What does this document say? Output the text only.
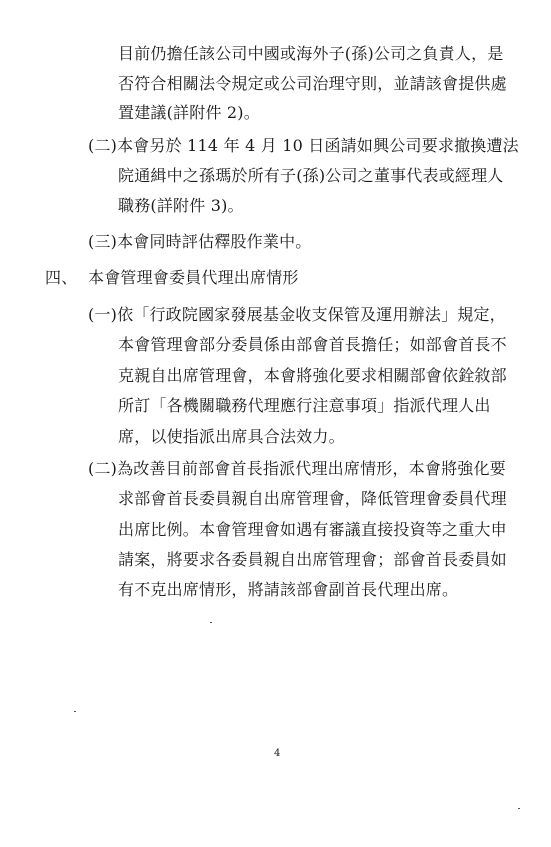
目前仍擔任該公司中國或海外子(孫)公司之負責人，是
否符合相關法令規定或公司治理守則，並請該會提供處
置建議(詳附件 2)。
(二)本會另於 114 年 4 月 10 日函請如興公司要求撤換遭法
院通緝中之孫瑪於所有子(孫)公司之董事代表或經理人
職務(詳附件 3)。
(三)本會同時評估釋股作業中。
四、 本會管理會委員代理出席情形
(一)依「行政院國家發展基金收支保管及運用辦法」規定，
本會管理會部分委員係由部會首長擔任；如部會首長不
克親自出席管理會，本會將強化要求相關部會依銓敘部
所訂「各機關職務代理應行注意事項」指派代理人出
席，以使指派出席具合法效力。
(二)為改善目前部會首長指派代理出席情形，本會將強化要
求部會首長委員親自出席管理會，降低管理會委員代理
出席比例。本會管理會如遇有審議直接投資等之重大申
請案，將要求各委員親自出席管理會；部會首長委員如
有不克出席情形，將請該部會副首長代理出席。
4
